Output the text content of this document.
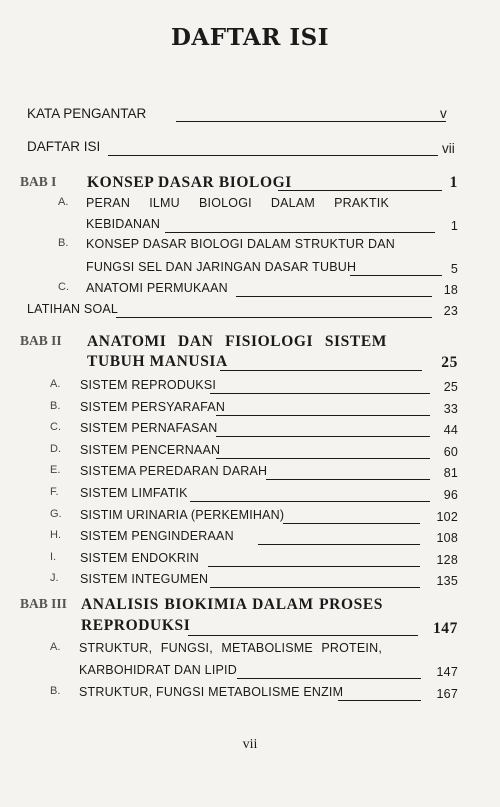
DAFTAR ISI
KATA PENGANTAR	v
DAFTAR ISI	vii
BAB I KONSEP DASAR BIOLOGI	1
A. PERAN ILMU BIOLOGI DALAM PRAKTIK
KEBIDANAN	1
B. KONSEP DASAR BIOLOGI DALAM STRUKTUR DAN
FUNGSI SEL DAN JARINGAN DASAR TUBUH	5
C. ANATOMI PERMUKAAN	18
LATIHAN SOAL	23
BAB II ANATOMI DAN FISIOLOGI SISTEM
TUBUH MANUSIA	25
A. SISTEM REPRODUKSI	25
B. SISTEM PERSYARAFAN	33
C. SISTEM PERNAFASAN	44
D. SISTEM PENCERNAAN	60
E. SISTEMA PEREDARAN DARAH	81
F. SISTEM LIMFATIK	96
G. SISTIM URINARIA (PERKEMIHAN)	102
H. SISTEM PENGINDERAAN	108
I. SISTEM ENDOKRIN	128
J. SISTEM INTEGUMEN	135
BAB III ANALISIS BIOKIMIA DALAM PROSES
REPRODUKSI	147
A. STRUKTUR, FUNGSI, METABOLISME PROTEIN,
KARBOHIDRAT DAN LIPID	147
B. STRUKTUR, FUNGSI METABOLISME ENZIM	167
vii
